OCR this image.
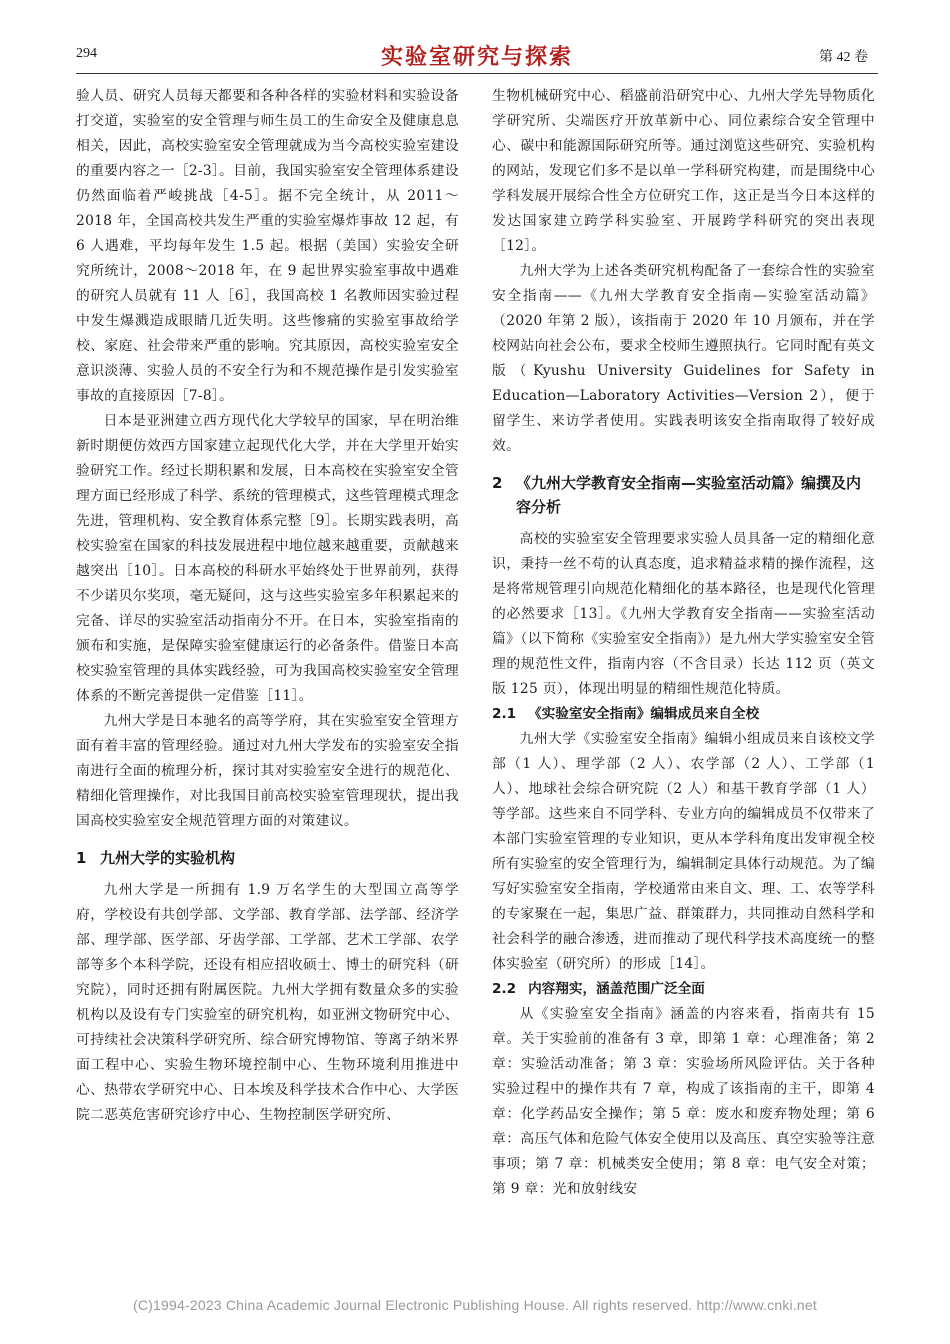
294	实验室研究与探索	第 42 卷

验人员、研究人员每天都要和各种各样的实验材料和实验设备打交道，实验室的安全管理与师生员工的生命安全及健康息息相关，因此，高校实验室安全管理就成为当今高校实验室建设的重要内容之一［2-3］。目前，我国实验室安全管理体系建设仍然面临着严峻挑战［4-5］。据不完全统计，从 2011～2018 年，全国高校共发生严重的实验室爆炸事故 12 起，有 6 人遇难，平均每年发生 1.5 起。根据（美国）实验安全研究所统计，2008～2018 年，在 9 起世界实验室事故中遇难的研究人员就有 11 人［6］，我国高校 1 名教师因实验过程中发生爆溅造成眼睛几近失明。这些惨痛的实验室事故给学校、家庭、社会带来严重的影响。究其原因，高校实验室安全意识淡薄、实验人员的不安全行为和不规范操作是引发实验室事故的直接原因［7-8］。

日本是亚洲建立西方现代化大学较早的国家，早在明治维新时期便仿效西方国家建立起现代化大学，并在大学里开始实验研究工作。经过长期积累和发展，日本高校在实验室安全管理方面已经形成了科学、系统的管理模式，这些管理模式理念先进，管理机构、安全教育体系完整［9］。长期实践表明，高校实验室在国家的科技发展进程中地位越来越重要，贡献越来越突出［10］。日本高校的科研水平始终处于世界前列，获得不少诺贝尔奖项，毫无疑问，这与这些实验室多年积累起来的完备、详尽的实验室活动指南分不开。在日本，实验室指南的颁布和实施，是保障实验室健康运行的必备条件。借鉴日本高校实验室管理的具体实践经验，可为我国高校实验室安全管理体系的不断完善提供一定借鉴［11］。

九州大学是日本驰名的高等学府，其在实验室安全管理方面有着丰富的管理经验。通过对九州大学发布的实验室安全指南进行全面的梳理分析，探讨其对实验室安全进行的规范化、精细化管理操作，对比我国目前高校实验室管理现状，提出我国高校实验室安全规范管理方面的对策建议。

1 九州大学的实验机构

九州大学是一所拥有 1.9 万名学生的大型国立高等学府，学校设有共创学部、文学部、教育学部、法学部、经济学部、理学部、医学部、牙齿学部、工学部、艺术工学部、农学部等多个本科学院，还设有相应招收硕士、博士的研究科（研究院），同时还拥有附属医院。九州大学拥有数量众多的实验机构以及设有专门实验室的研究机构，如亚洲文物研究中心、可持续社会决策科学研究所、综合研究博物馆、等离子纳米界面工程中心、实验生物环境控制中心、生物环境利用推进中心、热带农学研究中心、日本埃及科学技术合作中心、大学医院二恶英危害研究诊疗中心、生物控制医学研究所、

生物机械研究中心、稻盛前沿研究中心、九州大学先导物质化学研究所、尖端医疗开放革新中心、同位素综合安全管理中心、碳中和能源国际研究所等。通过浏览这些研究、实验机构的网站，发现它们多不是以单一学科研究构建，而是围绕中心学科发展开展综合性全方位研究工作，这正是当今日本这样的发达国家建立跨学科实验室、开展跨学科研究的突出表现［12］。

九州大学为上述各类研究机构配备了一套综合性的实验室安全指南——《九州大学教育安全指南—实验室活动篇》（2020 年第 2 版），该指南于 2020 年 10 月颁布，并在学校网站向社会公布，要求全校师生遵照执行。它同时配有英文版（Kyushu University Guidelines for Safety in Education—Laboratory Activities—Version 2），便于留学生、来访学者使用。实践表明该安全指南取得了较好成效。

2 《九州大学教育安全指南—实验室活动篇》编撰及内容分析

高校的实验室安全管理要求实验人员具备一定的精细化意识，秉持一丝不苟的认真态度，追求精益求精的操作流程，这是将常规管理引向规范化精细化的基本路径，也是现代化管理的必然要求［13］。《九州大学教育安全指南——实验室活动篇》（以下简称《实验室安全指南》）是九州大学实验室安全管理的规范性文件，指南内容（不含目录）长达 112 页（英文版 125 页），体现出明显的精细性规范化特质。

2.1 《实验室安全指南》编辑成员来自全校

九州大学《实验室安全指南》编辑小组成员来自该校文学部（1 人）、理学部（2 人）、农学部（2 人）、工学部（1 人）、地球社会综合研究院（2 人）和基干教育学部（1 人）等学部。这些来自不同学科、专业方向的编辑成员不仅带来了本部门实验室管理的专业知识，更从本学科角度出发审视全校所有实验室的安全管理行为，编辑制定具体行动规范。为了编写好实验室安全指南，学校通常由来自文、理、工、农等学科的专家聚在一起，集思广益、群策群力，共同推动自然科学和社会科学的融合渗透，进而推动了现代科学技术高度统一的整体实验室（研究所）的形成［14］。

2.2 内容翔实，涵盖范围广泛全面

从《实验室安全指南》涵盖的内容来看，指南共有 15 章。关于实验前的准备有 3 章，即第 1 章：心理准备；第 2 章：实验活动准备；第 3 章：实验场所风险评估。关于各种实验过程中的操作共有 7 章，构成了该指南的主干，即第 4 章：化学药品安全操作；第 5 章：废水和废弃物处理；第 6 章：高压气体和危险气体安全使用以及高压、真空实验等注意事项；第 7 章：机械类安全使用；第 8 章：电气安全对策；第 9 章：光和放射线安

(C)1994-2023 China Academic Journal Electronic Publishing House. All rights reserved. http://www.cnki.net
